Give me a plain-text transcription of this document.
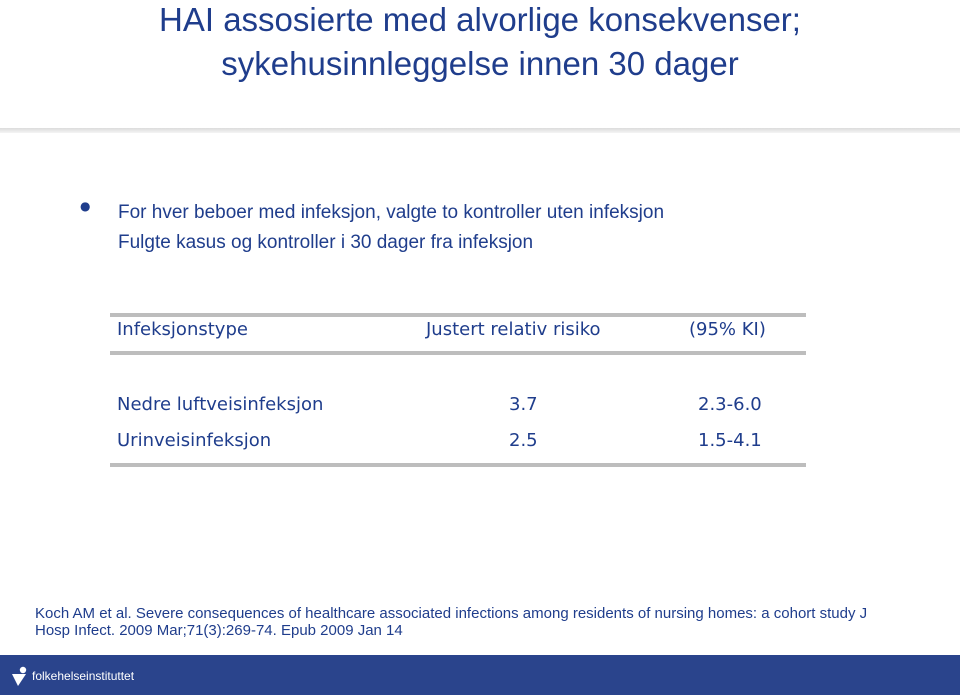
HAI assosierte med alvorlige konsekvenser;
sykehusinnleggelse innen 30 dager
● For hver beboer med infeksjon, valgte to kontroller uten infeksjon
Fulgte kasus og kontroller i 30 dager fra infeksjon
Infeksjonstype	Justert relativ risiko	(95% KI)
Nedre luftveisinfeksjon	3.7	2.3-6.0
Urinveisinfeksjon	2.5	1.5-4.1
Koch AM et al. Severe consequences of healthcare associated infections among residents of nursing homes: a cohort study J
Hosp Infect. 2009 Mar;71(3):269-74. Epub 2009 Jan 14
folkehelseinstituttet
